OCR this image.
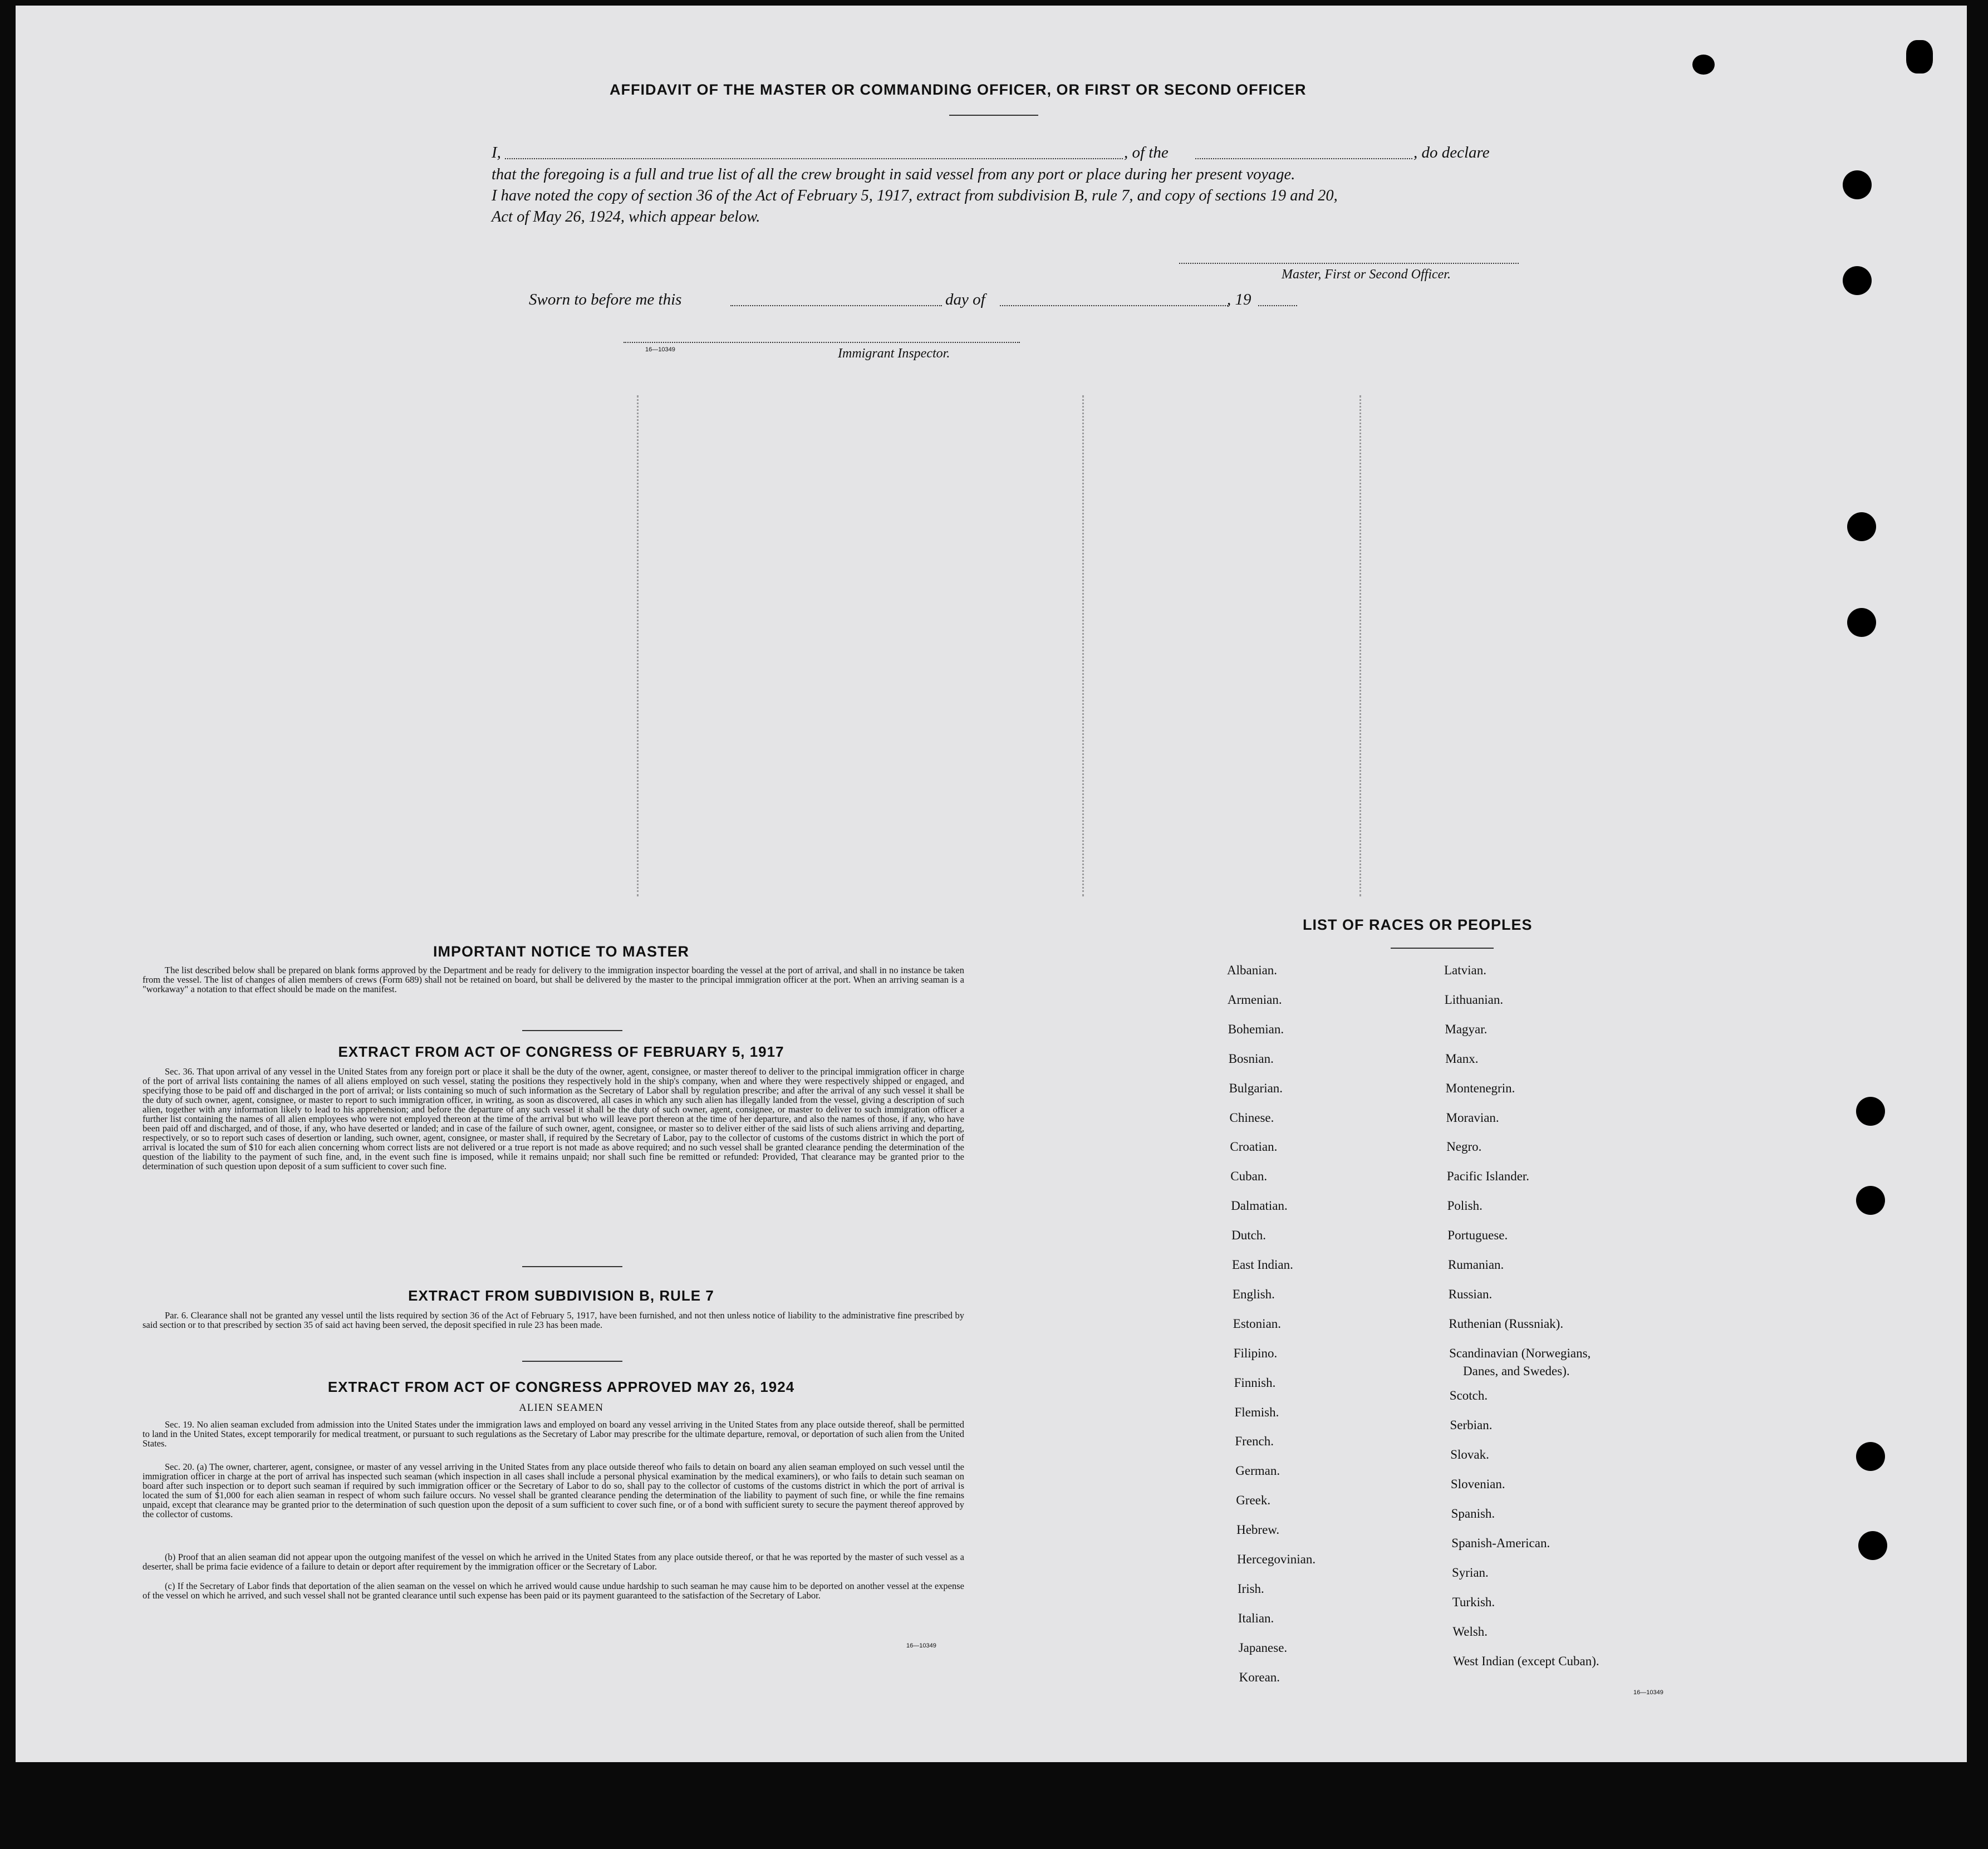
AFFIDAVIT OF THE MASTER OR COMMANDING OFFICER, OR FIRST OR SECOND OFFICER
I,	, of the	, do declare
that the foregoing is a full and true list of all the crew brought in said vessel from any port or place during her present voyage.
I have noted the copy of section 36 of the Act of February 5, 1917, extract from subdivision B, rule 7, and copy of sections 19 and 20,
Act of May 26, 1924, which appear below.
Master, First or Second Officer.
Sworn to before me this	day of	, 19
16—10349	Immigrant Inspector.
IMPORTANT NOTICE TO MASTER
The list described below shall be prepared on blank forms approved by the Department and be ready for delivery to the immigration inspector boarding the vessel at the port of arrival, and shall in no instance be taken from the vessel. The list of changes of alien members of crews (Form 689) shall not be retained on board, but shall be delivered by the master to the principal immigration officer at the port. When an arriving seaman is a "workaway" a notation to that effect should be made on the manifest.
EXTRACT FROM ACT OF CONGRESS OF FEBRUARY 5, 1917
Sec. 36. That upon arrival of any vessel in the United States from any foreign port or place it shall be the duty of the owner, agent, consignee, or master thereof to deliver to the principal immigration officer in charge of the port of arrival lists containing the names of all aliens employed on such vessel, stating the positions they respectively hold in the ship's company, when and where they were respectively shipped or engaged, and specifying those to be paid off and discharged in the port of arrival; or lists containing so much of such information as the Secretary of Labor shall by regulation prescribe; and after the arrival of any such vessel it shall be the duty of such owner, agent, consignee, or master to report to such immigration officer, in writing, as soon as discovered, all cases in which any such alien has illegally landed from the vessel, giving a description of such alien, together with any information likely to lead to his apprehension; and before the departure of any such vessel it shall be the duty of such owner, agent, consignee, or master to deliver to such immigration officer a further list containing the names of all alien employees who were not employed thereon at the time of the arrival but who will leave port thereon at the time of her departure, and also the names of those, if any, who have been paid off and discharged, and of those, if any, who have deserted or landed; and in case of the failure of such owner, agent, consignee, or master so to deliver either of the said lists of such aliens arriving and departing, respectively, or so to report such cases of desertion or landing, such owner, agent, consignee, or master shall, if required by the Secretary of Labor, pay to the collector of customs of the customs district in which the port of arrival is located the sum of $10 for each alien concerning whom correct lists are not delivered or a true report is not made as above required; and no such vessel shall be granted clearance pending the determination of the question of the liability to the payment of such fine, and, in the event such fine is imposed, while it remains unpaid; nor shall such fine be remitted or refunded: Provided, That clearance may be granted prior to the determination of such question upon deposit of a sum sufficient to cover such fine.
EXTRACT FROM SUBDIVISION B, RULE 7
Par. 6. Clearance shall not be granted any vessel until the lists required by section 36 of the Act of February 5, 1917, have been furnished, and not then unless notice of liability to the administrative fine prescribed by said section or to that prescribed by section 35 of said act having been served, the deposit specified in rule 23 has been made.
EXTRACT FROM ACT OF CONGRESS APPROVED MAY 26, 1924
ALIEN SEAMEN
Sec. 19. No alien seaman excluded from admission into the United States under the immigration laws and employed on board any vessel arriving in the United States from any place outside thereof, shall be permitted to land in the United States, except temporarily for medical treatment, or pursuant to such regulations as the Secretary of Labor may prescribe for the ultimate departure, removal, or deportation of such alien from the United States.
Sec. 20. (a) The owner, charterer, agent, consignee, or master of any vessel arriving in the United States from any place outside thereof who fails to detain on board any alien seaman employed on such vessel until the immigration officer in charge at the port of arrival has inspected such seaman (which inspection in all cases shall include a personal physical examination by the medical examiners), or who fails to detain such seaman on board after such inspection or to deport such seaman if required by such immigration officer or the Secretary of Labor to do so, shall pay to the collector of customs of the customs district in which the port of arrival is located the sum of $1,000 for each alien seaman in respect of whom such failure occurs. No vessel shall be granted clearance pending the determination of the liability to payment of such fine, or while the fine remains unpaid, except that clearance may be granted prior to the determination of such question upon the deposit of a sum sufficient to cover such fine, or of a bond with sufficient surety to secure the payment thereof approved by the collector of customs.
(b) Proof that an alien seaman did not appear upon the outgoing manifest of the vessel on which he arrived in the United States from any place outside thereof, or that he was reported by the master of such vessel as a deserter, shall be prima facie evidence of a failure to detain or deport after requirement by the immigration officer or the Secretary of Labor.
(c) If the Secretary of Labor finds that deportation of the alien seaman on the vessel on which he arrived would cause undue hardship to such seaman he may cause him to be deported on another vessel at the expense of the vessel on which he arrived, and such vessel shall not be granted clearance until such expense has been paid or its payment guaranteed to the satisfaction of the Secretary of Labor.
16—10349
LIST OF RACES OR PEOPLES
Danes, and Swedes).
16—10349
Albanian.
Armenian.
Bohemian.
Bosnian.
Bulgarian.
Chinese.
Croatian.
Cuban.
Dalmatian.
Dutch.
East Indian.
English.
Estonian.
Filipino.
Finnish.
Flemish.
French.
German.
Greek.
Hebrew.
Hercegovinian.
Irish.
Italian.
Japanese.
Korean.
Latvian.
Lithuanian.
Magyar.
Manx.
Montenegrin.
Moravian.
Negro.
Pacific Islander.
Polish.
Portuguese.
Rumanian.
Russian.
Ruthenian (Russniak).
Scandinavian (Norwegians,
Scotch.
Serbian.
Slovak.
Slovenian.
Spanish.
Spanish-American.
Syrian.
Turkish.
Welsh.
West Indian (except Cuban).
